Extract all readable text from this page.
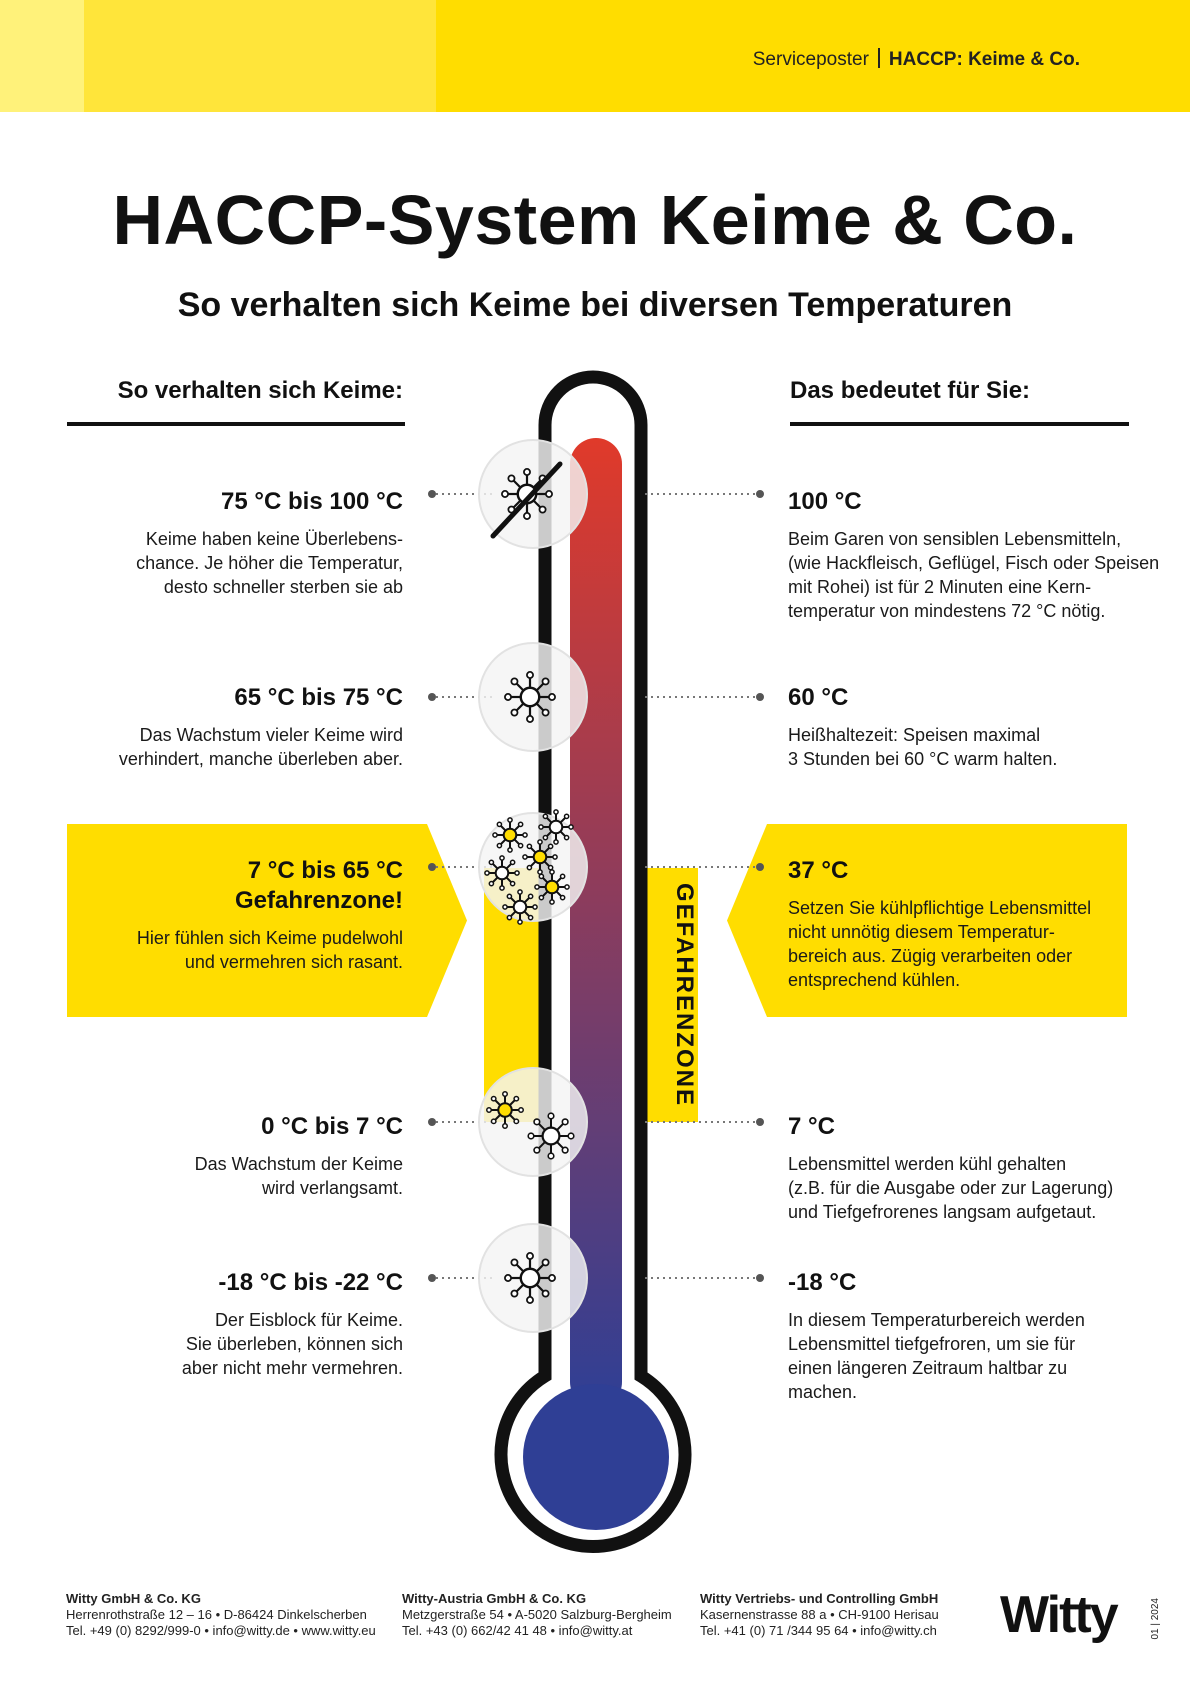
Serviceposter HACCP: Keime & Co.
HACCP-System Keime & Co.
So verhalten sich Keime bei diversen Temperaturen
So verhalten sich Keime:	Das bedeutet für Sie:
GEFAHRENZONE
75 °C bis 100 °C
Keime haben keine Überlebens-
chance. Je höher die Temperatur,
desto schneller sterben sie ab
65 °C bis 75 °C
Das Wachstum vieler Keime wird
verhindert, manche überleben aber.
7 °C bis 65 °C
Gefahrenzone!
Hier fühlen sich Keime pudelwohl
und vermehren sich rasant.
0 °C bis 7 °C
Das Wachstum der Keime
wird verlangsamt.
-18 °C bis -22 °C
Der Eisblock für Keime.
Sie überleben, können sich
aber nicht mehr vermehren.
100 °C
Beim Garen von sensiblen Lebensmitteln,
(wie Hackfleisch, Geflügel, Fisch oder Speisen
mit Rohei) ist für 2 Minuten eine Kern-
temperatur von mindestens 72 °C nötig.
60 °C
Heißhaltezeit: Speisen maximal
3 Stunden bei 60 °C warm halten.
37 °C
Setzen Sie kühlpflichtige Lebensmittel
nicht unnötig diesem Temperatur-
bereich aus. Zügig verarbeiten oder
entsprechend kühlen.
7 °C
Lebensmittel werden kühl gehalten
(z.B. für die Ausgabe oder zur Lagerung)
und Tiefgefrorenes langsam aufgetaut.
-18 °C
In diesem Temperaturbereich werden
Lebensmittel tiefgefroren, um sie für
einen längeren Zeitraum haltbar zu
machen.
Witty GmbH & Co. KG
Herrenrothstraße 12 – 16 • D-86424 Dinkelscherben
Tel. +49 (0) 8292/999-0 • info@witty.de • www.witty.eu
Witty-Austria GmbH & Co. KG
Metzgerstraße 54 • A-5020 Salzburg-Bergheim
Tel. +43 (0) 662/42 41 48 • info@witty.at
Witty Vertriebs- und Controlling GmbH
Kasernenstrasse 88 a • CH-9100 Herisau
Tel. +41 (0) 71 /344 95 64 • info@witty.ch Witty	01 | 2024
